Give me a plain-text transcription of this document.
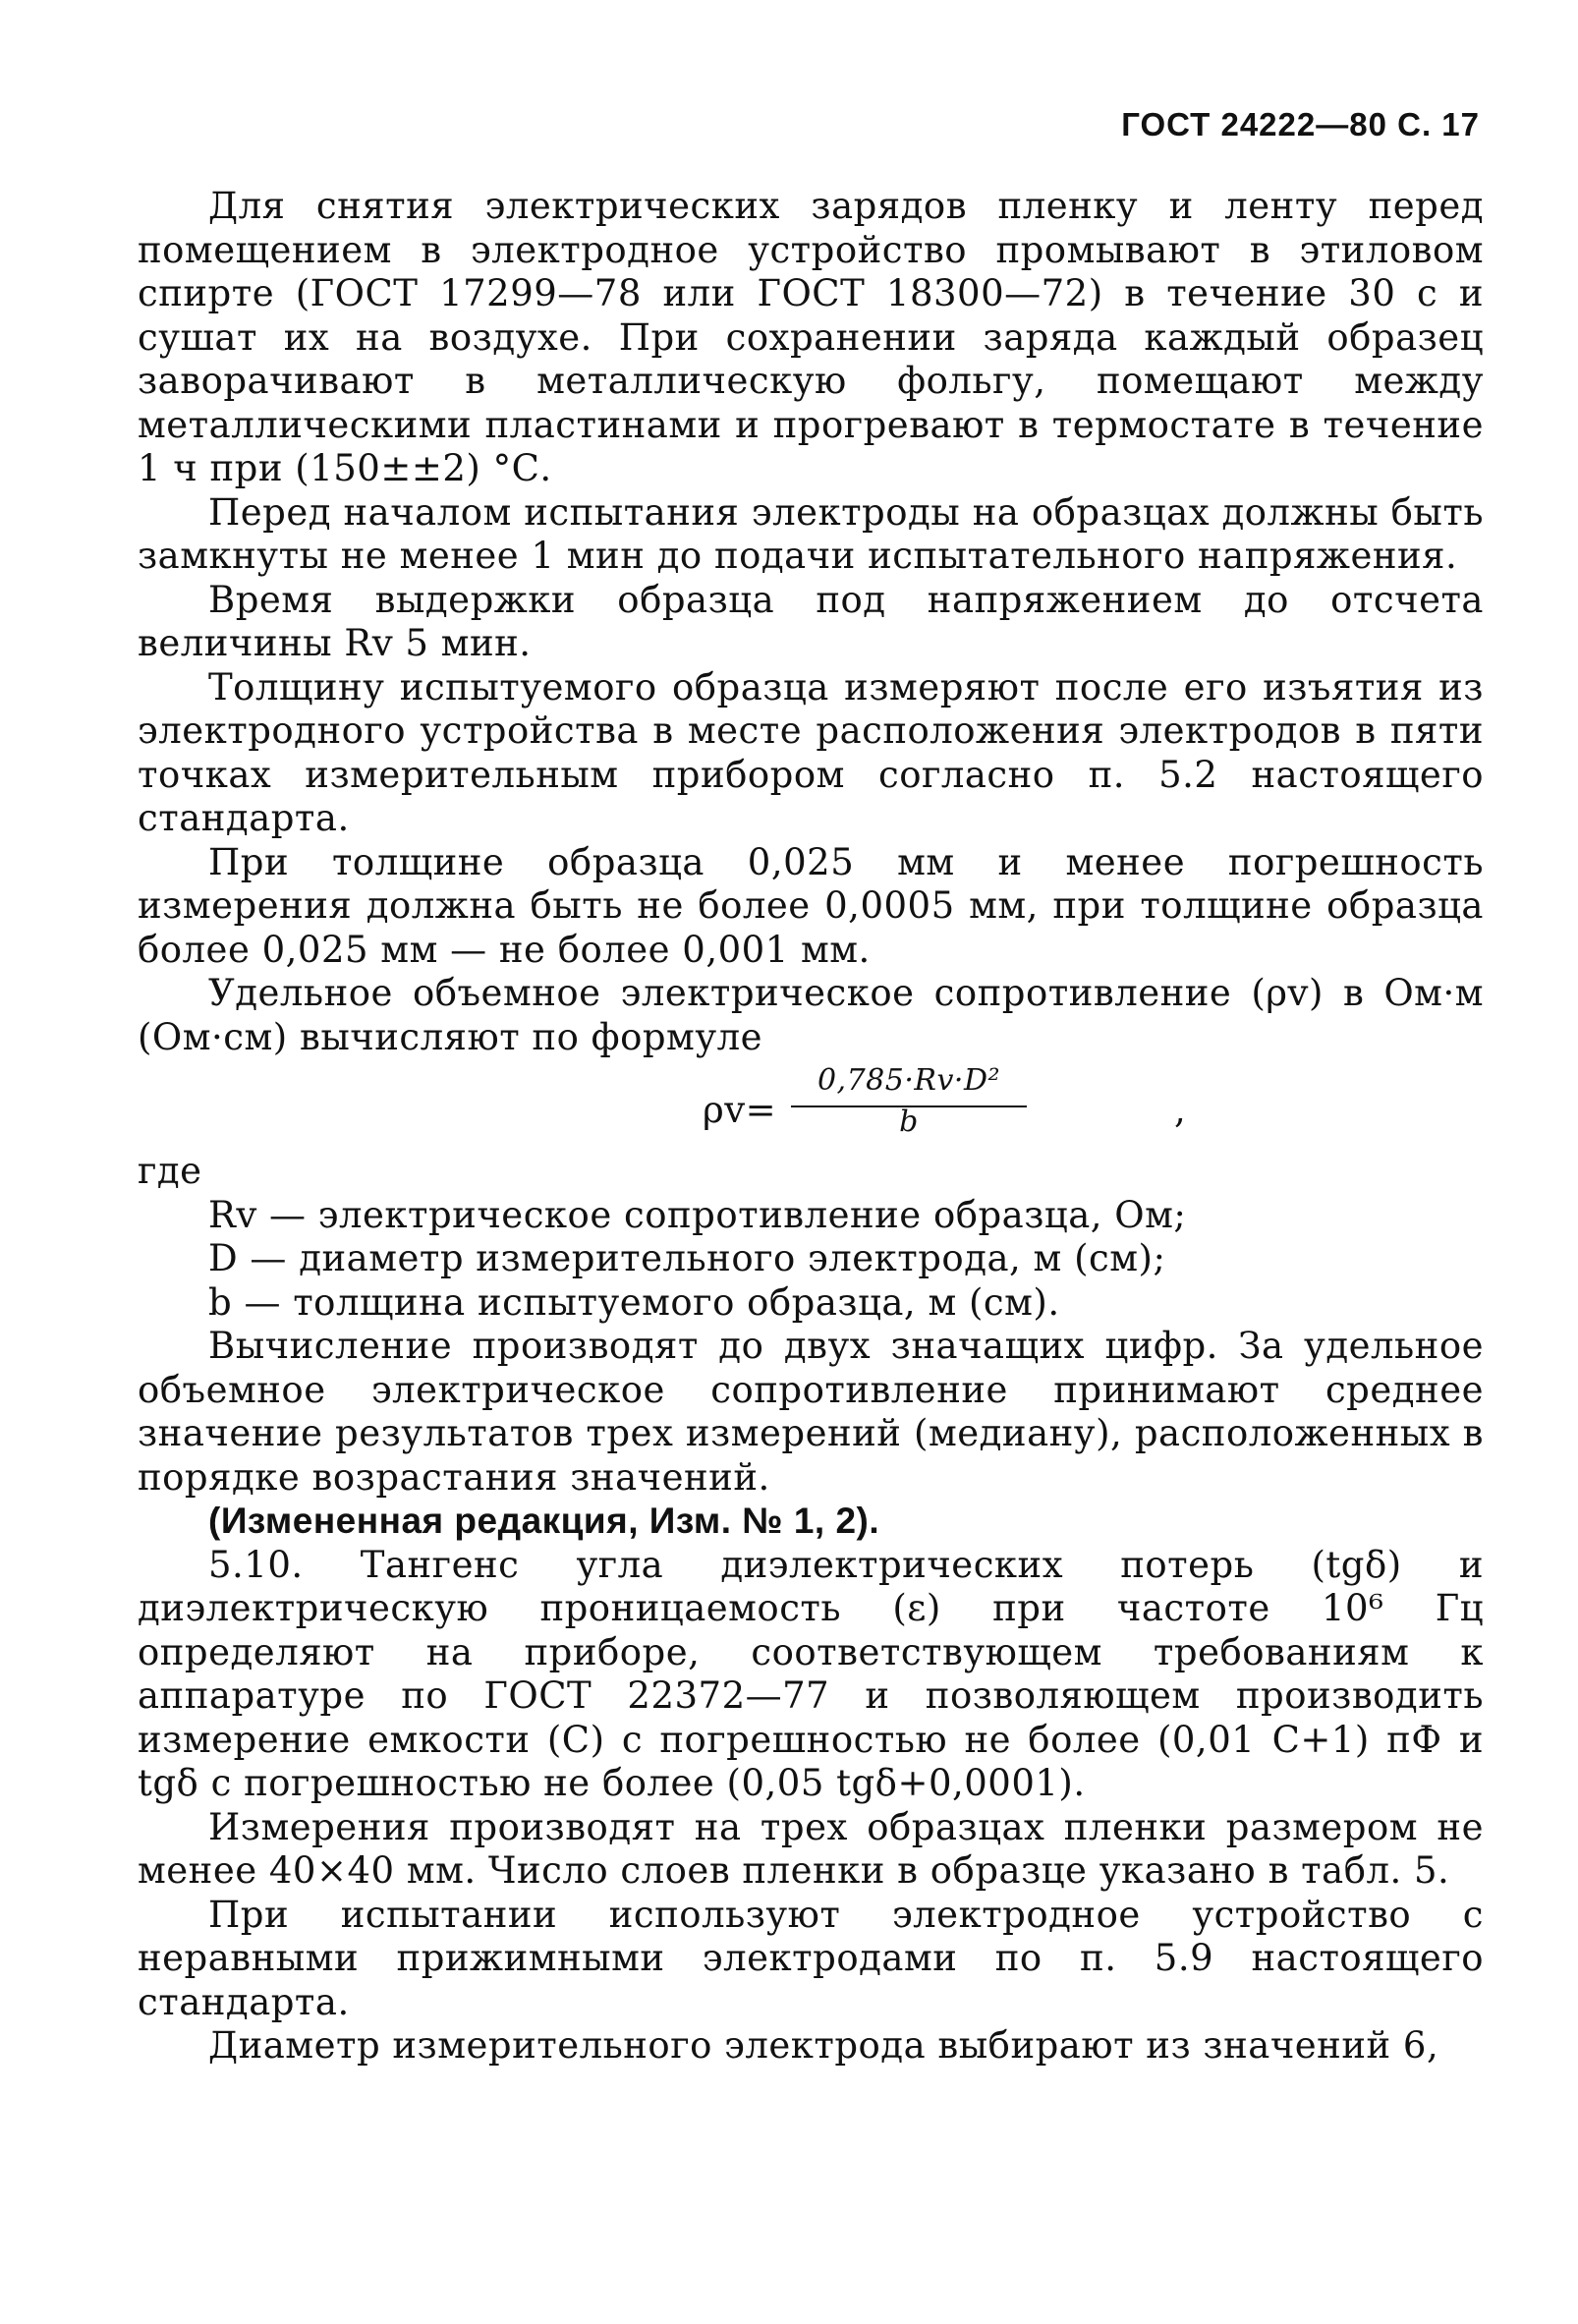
ГОСТ 24222—80 С. 17

Для снятия электрических зарядов пленку и ленту перед помещением в электродное устройство промывают в этиловом спирте (ГОСТ 17299—78 или ГОСТ 18300—72) в течение 30 с и сушат их на воздухе. При сохранении заряда каждый образец заворачивают в металлическую фольгу, помещают между металлическими пластинами и прогревают в термостате в течение 1 ч при (150±±2) °С.

Перед началом испытания электроды на образцах должны быть замкнуты не менее 1 мин до подачи испытательного напряжения.

Время выдержки образца под напряжением до отсчета величины Rv 5 мин.

Толщину испытуемого образца измеряют после его изъятия из электродного устройства в месте расположения электродов в пяти точках измерительным прибором согласно п. 5.2 настоящего стандарта.

При толщине образца 0,025 мм и менее погрешность измерения должна быть не более 0,0005 мм, при толщине образца более 0,025 мм — не более 0,001 мм.

Удельное объемное электрическое сопротивление (ρv) в Ом·м (Ом·см) вычисляют по формуле

$\rho v= \frac{\text{0,785·Rv·D²}}{b}$	,

где

Rv — электрическое сопротивление образца, Ом;

D — диаметр измерительного электрода, м (см);

b — толщина испытуемого образца, м (см).

Вычисление производят до двух значащих цифр. За удельное объемное электрическое сопротивление принимают среднее значение результатов трех измерений (медиану), расположенных в порядке возрастания значений.

(Измененная редакция, Изм. № 1, 2).

5.10. Тангенс угла диэлектрических потерь (tgδ) и диэлектрическую проницаемость (ε) при частоте 10⁶ Гц определяют на приборе, соответствующем требованиям к аппаратуре по ГОСТ 22372—77 и позволяющем производить измерение емкости (C) с погрешностью не более (0,01 C+1) пФ и tgδ с погрешностью не более (0,05 tgδ+0,0001).

Измерения производят на трех образцах пленки размером не менее 40×40 мм. Число слоев пленки в образце указано в табл. 5.

При испытании используют электродное устройство с неравными прижимными электродами по п. 5.9 настоящего стандарта.

Диаметр измерительного электрода выбирают из значений 6,
